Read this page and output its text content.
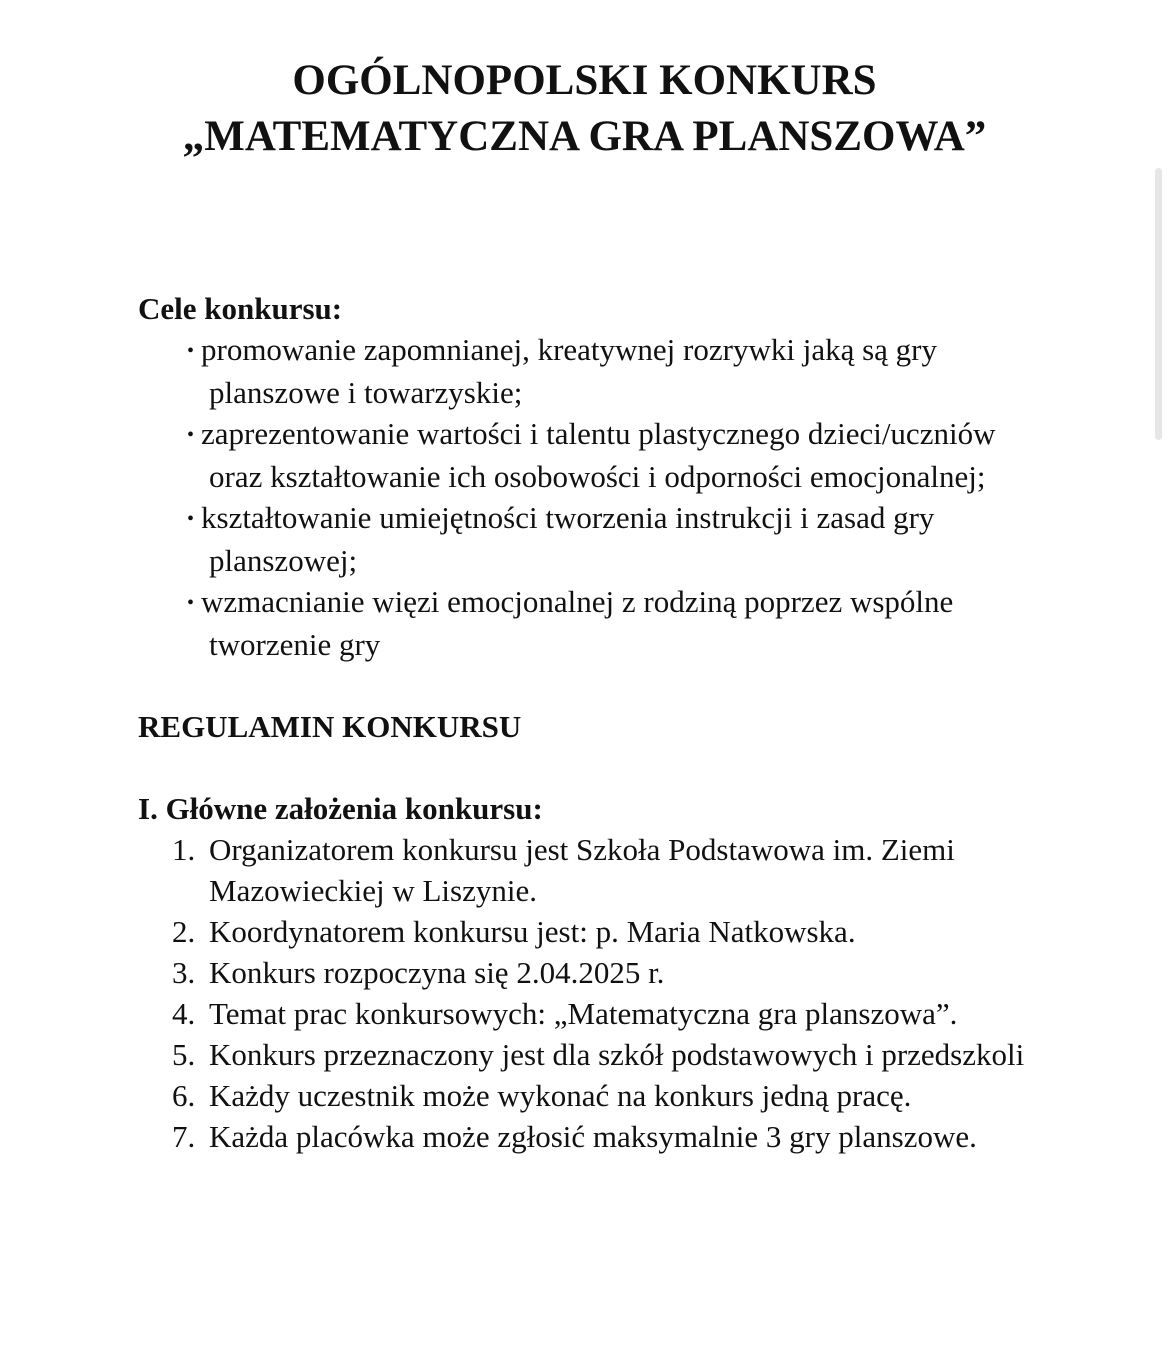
OGÓLNOPOLSKI KONKURS
„MATEMATYCZNA GRA PLANSZOWA”

Cele konkursu:

• promowanie zapomnianej, kreatywnej rozrywki jaką są gry planszowe i towarzyskie;
• zaprezentowanie wartości i talentu plastycznego dzieci/uczniów oraz kształtowanie ich osobowości i odporności emocjonalnej;
• kształtowanie umiejętności tworzenia instrukcji i zasad gry planszowej;
• wzmacnianie więzi emocjonalnej z rodziną poprzez wspólne tworzenie gry

REGULAMIN KONKURSU

I. Główne założenia konkursu:

1. Organizatorem konkursu jest Szkoła Podstawowa im. Ziemi Mazowieckiej w Liszynie.
2. Koordynatorem konkursu jest: p. Maria Natkowska.
3. Konkurs rozpoczyna się 2.04.2025 r.
4. Temat prac konkursowych: „Matematyczna gra planszowa”.
5. Konkurs przeznaczony jest dla szkół podstawowych i przedszkoli
6. Każdy uczestnik może wykonać na konkurs jedną pracę.
7. Każda placówka może zgłosić maksymalnie 3 gry planszowe.
